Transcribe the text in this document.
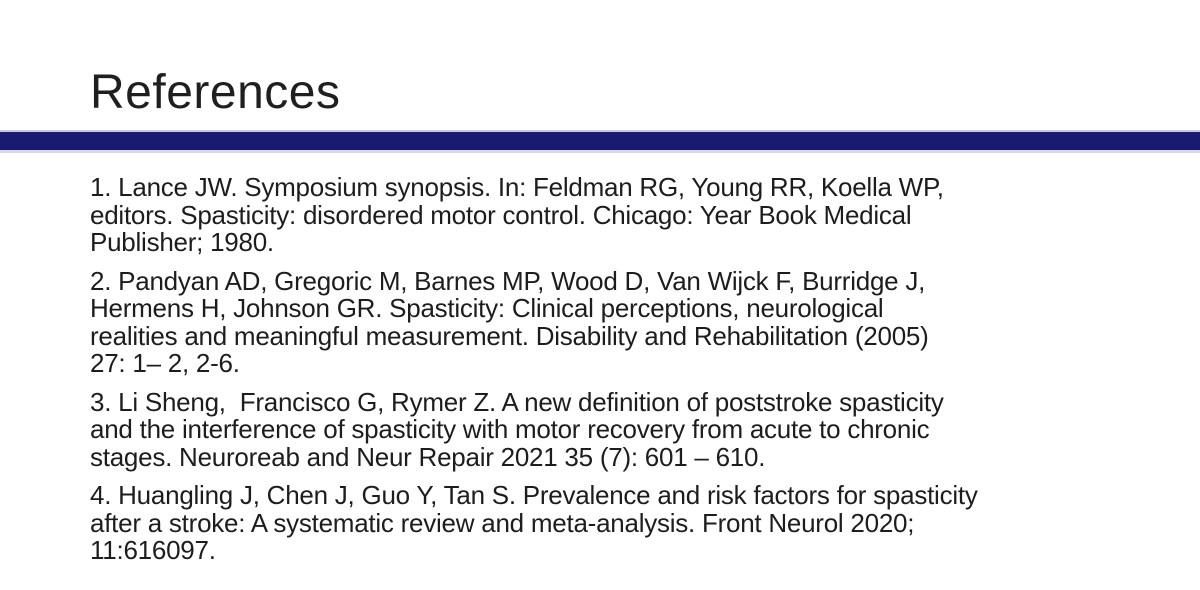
References
1. Lance JW. Symposium synopsis. In: Feldman RG, Young RR, Koella WP,
editors. Spasticity: disordered motor control. Chicago: Year Book Medical
Publisher; 1980.
2. Pandyan AD, Gregoric M, Barnes MP, Wood D, Van Wijck F, Burridge J,
Hermens H, Johnson GR. Spasticity: Clinical perceptions, neurological
realities and meaningful measurement. Disability and Rehabilitation (2005)
27: 1– 2, 2-6.
3. Li Sheng,  Francisco G, Rymer Z. A new definition of poststroke spasticity
and the interference of spasticity with motor recovery from acute to chronic
stages. Neuroreab and Neur Repair 2021 35 (7): 601 – 610.
4. Huangling J, Chen J, Guo Y, Tan S. Prevalence and risk factors for spasticity
after a stroke: A systematic review and meta-analysis. Front Neurol 2020;
11:616097.
